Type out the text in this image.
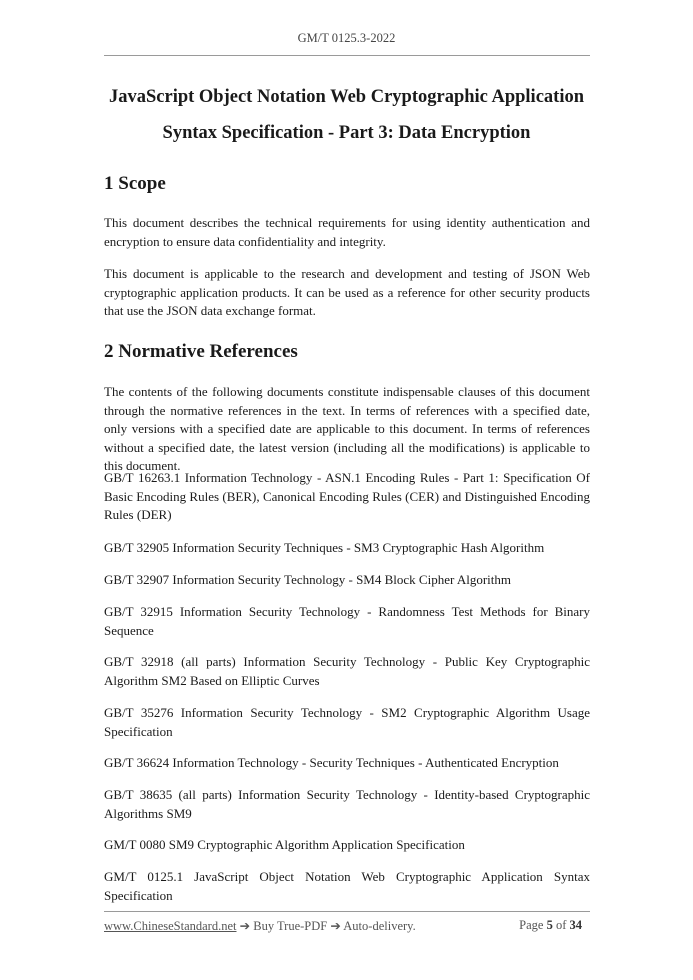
GM/T 0125.3-2022
JavaScript Object Notation Web Cryptographic Application
Syntax Specification - Part 3: Data Encryption
1 Scope

This document describes the technical requirements for using identity authentication and encryption to ensure data confidentiality and integrity.

This document is applicable to the research and development and testing of JSON Web cryptographic application products. It can be used as a reference for other security products that use the JSON data exchange format.

2 Normative References

The contents of the following documents constitute indispensable clauses of this document through the normative references in the text. In terms of references with a specified date, only versions with a specified date are applicable to this document. In terms of references without a specified date, the latest version (including all the modifications) is applicable to this document.

GB/T 16263.1 Information Technology - ASN.1 Encoding Rules - Part 1: Specification Of Basic Encoding Rules (BER), Canonical Encoding Rules (CER) and Distinguished Encoding Rules (DER)

GB/T 32905 Information Security Techniques - SM3 Cryptographic Hash Algorithm

GB/T 32907 Information Security Technology - SM4 Block Cipher Algorithm

GB/T 32915 Information Security Technology - Randomness Test Methods for Binary Sequence

GB/T 32918 (all parts) Information Security Technology - Public Key Cryptographic Algorithm SM2 Based on Elliptic Curves

GB/T 35276 Information Security Technology - SM2 Cryptographic Algorithm Usage Specification

GB/T 36624 Information Technology - Security Techniques - Authenticated Encryption

GB/T 38635 (all parts) Information Security Technology - Identity-based Cryptographic Algorithms SM9

GM/T 0080 SM9 Cryptographic Algorithm Application Specification

GM/T 0125.1 JavaScript Object Notation Web Cryptographic Application Syntax Specification

www.ChineseStandard.net ➔ Buy True-PDF ➔ Auto-delivery.	Page 5 of 34
